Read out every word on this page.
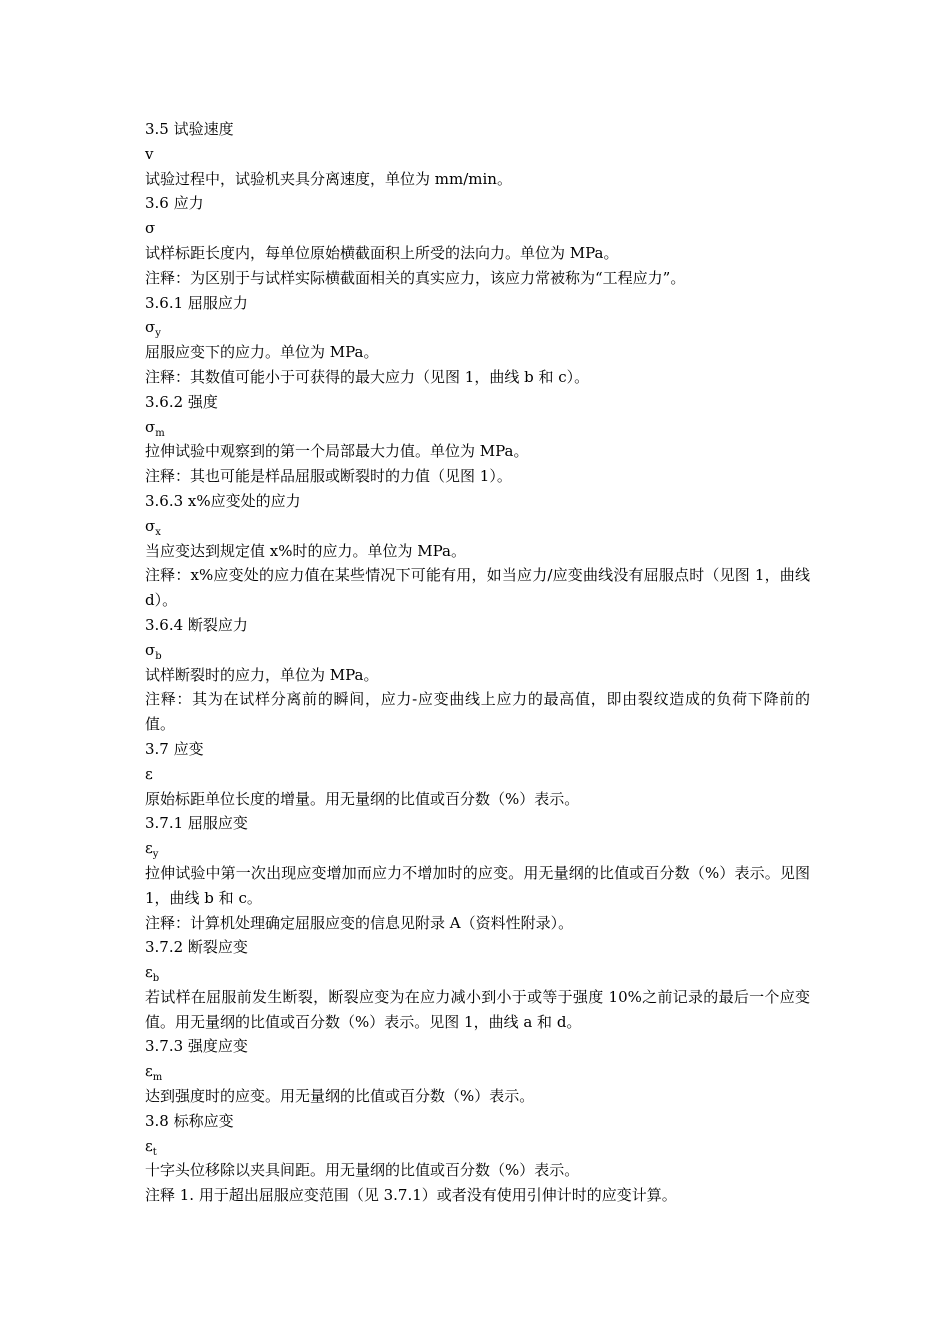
3.5 试验速度
v
试验过程中，试验机夹具分离速度，单位为 mm/min。
3.6 应力
σ
试样标距长度内，每单位原始横截面积上所受的法向力。单位为 MPa。
注释：为区别于与试样实际横截面相关的真实应力，该应力常被称为“工程应力”。
3.6.1 屈服应力
$\sigma_y$
屈服应变下的应力。单位为 MPa。
注释：其数值可能小于可获得的最大应力（见图 1，曲线 b 和 c）。
3.6.2 强度
$\sigma_m$
拉伸试验中观察到的第一个局部最大力值。单位为 MPa。
注释：其也可能是样品屈服或断裂时的力值（见图 1）。
3.6.3 x%应变处的应力
$\sigma_x$
当应变达到规定值 x%时的应力。单位为 MPa。
注释：x%应变处的应力值在某些情况下可能有用，如当应力/应变曲线没有屈服点时（见图 1，曲线 d）。
3.6.4 断裂应力
$\sigma_b$
试样断裂时的应力，单位为 MPa。
注释：其为在试样分离前的瞬间，应力-应变曲线上应力的最高值，即由裂纹造成的负荷下降前的值。
3.7 应变
ε
原始标距单位长度的增量。用无量纲的比值或百分数（%）表示。
3.7.1 屈服应变
$\varepsilon_y$
拉伸试验中第一次出现应变增加而应力不增加时的应变。用无量纲的比值或百分数（%）表示。见图 1，曲线 b 和 c。
注释：计算机处理确定屈服应变的信息见附录 A（资料性附录）。
3.7.2 断裂应变
$\varepsilon_b$
若试样在屈服前发生断裂，断裂应变为在应力减小到小于或等于强度 10%之前记录的最后一个应变值。用无量纲的比值或百分数（%）表示。见图 1，曲线 a 和 d。
3.7.3 强度应变
$\varepsilon_m$
达到强度时的应变。用无量纲的比值或百分数（%）表示。
3.8 标称应变
$\varepsilon_t$
十字头位移除以夹具间距。用无量纲的比值或百分数（%）表示。
注释 1. 用于超出屈服应变范围（见 3.7.1）或者没有使用引伸计时的应变计算。
